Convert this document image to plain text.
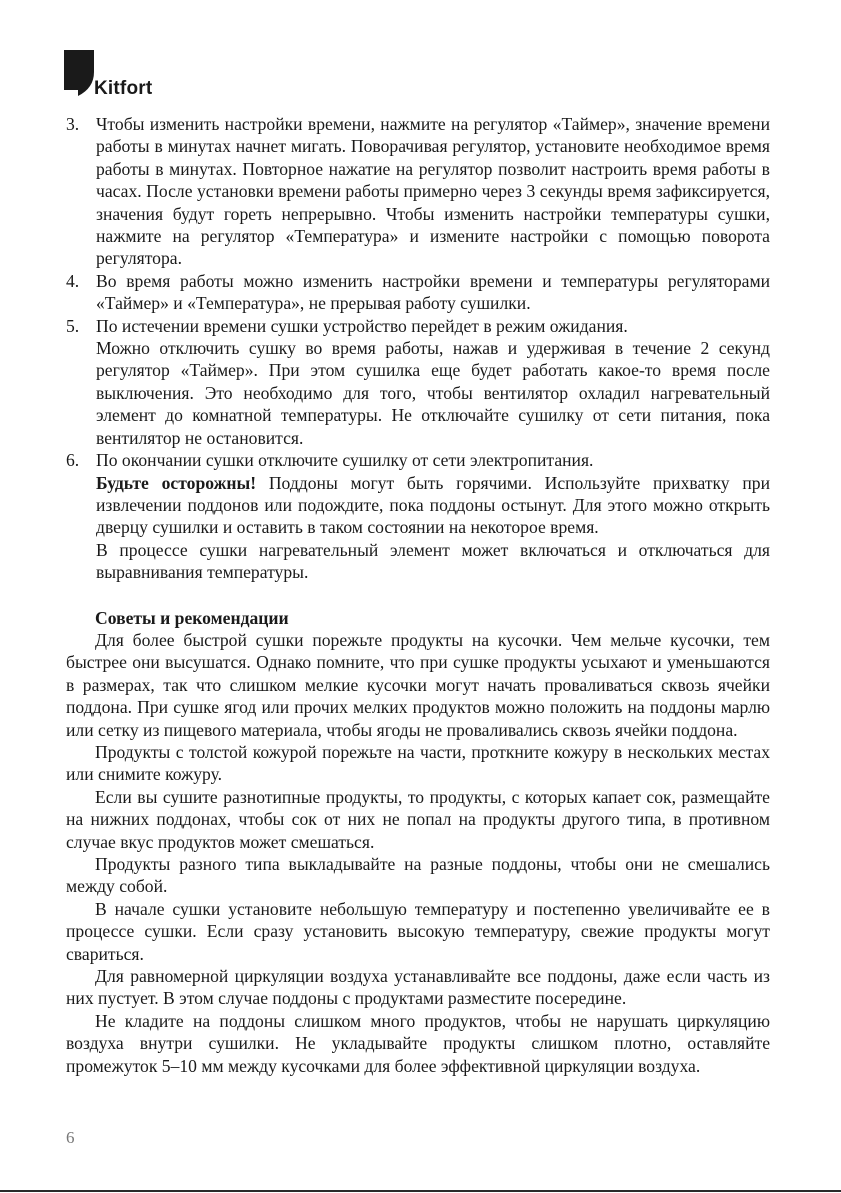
Kitfort
3. Чтобы изменить настройки времени, нажмите на регулятор «Таймер», значение времени работы в минутах начнет мигать. Поворачивая регулятор, установите необходимое время работы в минутах. Повторное нажатие на регулятор позволит настроить время работы в часах. После установки времени работы примерно через 3 секунды время зафиксируется, значения будут гореть непрерывно. Чтобы изменить настройки температуры сушки, нажмите на регулятор «Температура» и измените настройки с помощью поворота регулятора.

4. Во время работы можно изменить настройки времени и температуры регуляторами «Таймер» и «Температура», не прерывая работу сушилки.

5. По истечении времени сушки устройство перейдет в режим ожидания.

Можно отключить сушку во время работы, нажав и удерживая в течение 2 секунд регулятор «Таймер». При этом сушилка еще будет работать какое-то время после выключения. Это необходимо для того, чтобы вентилятор охладил нагревательный элемент до комнатной температуры. Не отключайте сушилку от сети питания, пока вентилятор не остановится.

6. По окончании сушки отключите сушилку от сети электропитания.

Будьте осторожны! Поддоны могут быть горячими. Используйте прихватку при извлечении поддонов или подождите, пока поддоны остынут. Для этого можно открыть дверцу сушилки и оставить в таком состоянии на некоторое время.

В процессе сушки нагревательный элемент может включаться и отключаться для выравнивания температуры.

Советы и рекомендации

Для более быстрой сушки порежьте продукты на кусочки. Чем мельче кусочки, тем быстрее они высушатся. Однако помните, что при сушке продукты усыхают и уменьшаются в размерах, так что слишком мелкие кусочки могут начать проваливаться сквозь ячейки поддона. При сушке ягод или прочих мелких продуктов можно положить на поддоны марлю или сетку из пищевого материала, чтобы ягоды не проваливались сквозь ячейки поддона.

Продукты с толстой кожурой порежьте на части, проткните кожуру в нескольких местах или снимите кожуру.

Если вы сушите разнотипные продукты, то продукты, с которых капает сок, размещайте на нижних поддонах, чтобы сок от них не попал на продукты другого типа, в противном случае вкус продуктов может смешаться.

Продукты разного типа выкладывайте на разные поддоны, чтобы они не смешались между собой.

В начале сушки установите небольшую температуру и постепенно увеличивайте ее в процессе сушки. Если сразу установить высокую температуру, свежие продукты могут свариться.

Для равномерной циркуляции воздуха устанавливайте все поддоны, даже если часть из них пустует. В этом случае поддоны с продуктами разместите посередине.

Не кладите на поддоны слишком много продуктов, чтобы не нарушать циркуляцию воздуха внутри сушилки. Не укладывайте продукты слишком плотно, оставляйте промежуток 5–10 мм между кусочками для более эффективной циркуляции воздуха.

6
